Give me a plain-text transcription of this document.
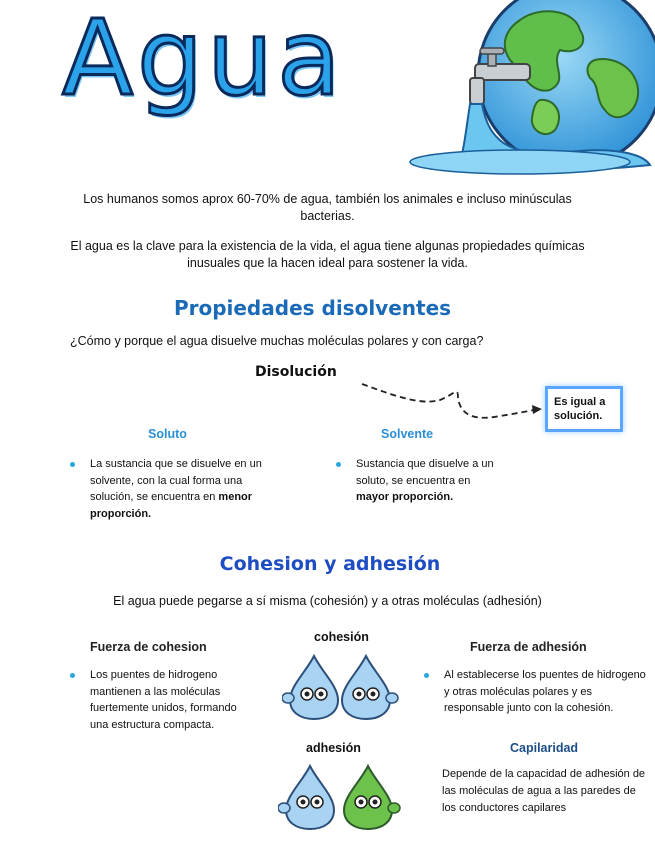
Agua
Los humanos somos aprox 60-70% de agua, también los animales e incluso minúsculas bacterias.
El agua es la clave para la existencia de la vida, el agua tiene algunas propiedades químicas inusuales que la hacen ideal para sostener la vida.
Propiedades disolventes
¿Cómo y porque el agua disuelve muchas moléculas polares y con carga?
Disolución
Es igual a solución.
Soluto	Solvente
La sustancia que se disuelve en un solvente, con la cual forma una solución, se encuentra en menor proporción.
Sustancia que disuelve a un soluto, se encuentra en mayor proporción.
Cohesion y adhesión
El agua puede pegarse a sí misma (cohesión) y a otras moléculas (adhesión)
Fuerza de cohesion	Fuerza de adhesión
cohesión
adhesión
Los puentes de hidrogeno mantienen a las moléculas fuertemente unidos, formando una estructura compacta.
Al establecerse los puentes de hidrogeno y otras moléculas polares y es responsable junto con la cohesión.
Capilaridad
Depende de la capacidad de adhesión de las moléculas de agua a las paredes de los conductores capilares
